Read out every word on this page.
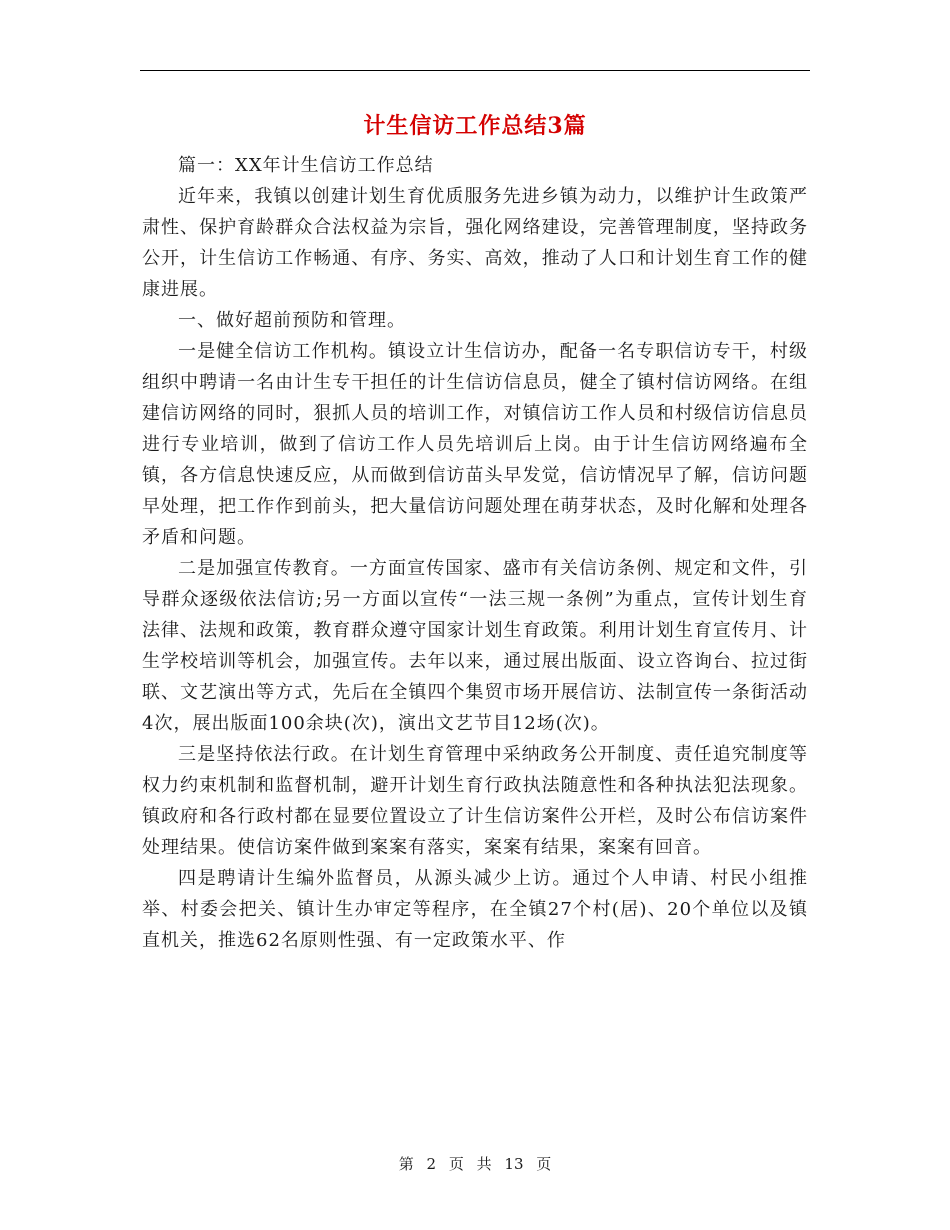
计生信访工作总结3篇

篇一：XX年计生信访工作总结

近年来，我镇以创建计划生育优质服务先进乡镇为动力，以维护计生政策严肃性、保护育龄群众合法权益为宗旨，强化网络建设，完善管理制度，坚持政务公开，计生信访工作畅通、有序、务实、高效，推动了人口和计划生育工作的健康进展。

一、做好超前预防和管理。

一是健全信访工作机构。镇设立计生信访办，配备一名专职信访专干，村级组织中聘请一名由计生专干担任的计生信访信息员，健全了镇村信访网络。在组建信访网络的同时，狠抓人员的培训工作，对镇信访工作人员和村级信访信息员进行专业培训，做到了信访工作人员先培训后上岗。由于计生信访网络遍布全镇，各方信息快速反应，从而做到信访苗头早发觉，信访情况早了解，信访问题早处理，把工作作到前头，把大量信访问题处理在萌芽状态，及时化解和处理各矛盾和问题。

二是加强宣传教育。一方面宣传国家、盛市有关信访条例、规定和文件，引导群众逐级依法信访;另一方面以宣传“一法三规一条例”为重点，宣传计划生育法律、法规和政策，教育群众遵守国家计划生育政策。利用计划生育宣传月、计生学校培训等机会，加强宣传。去年以来，通过展出版面、设立咨询台、拉过街联、文艺演出等方式，先后在全镇四个集贸市场开展信访、法制宣传一条街活动4次，展出版面100余块(次)，演出文艺节目12场(次)。

三是坚持依法行政。在计划生育管理中采纳政务公开制度、责任追究制度等权力约束机制和监督机制，避开计划生育行政执法随意性和各种执法犯法现象。镇政府和各行政村都在显要位置设立了计生信访案件公开栏，及时公布信访案件处理结果。使信访案件做到案案有落实，案案有结果，案案有回音。

四是聘请计生编外监督员，从源头减少上访。通过个人申请、村民小组推举、村委会把关、镇计生办审定等程序，在全镇27个村(居)、20个单位以及镇直机关，推选62名原则性强、有一定政策水平、作

第 2 页 共 13 页
